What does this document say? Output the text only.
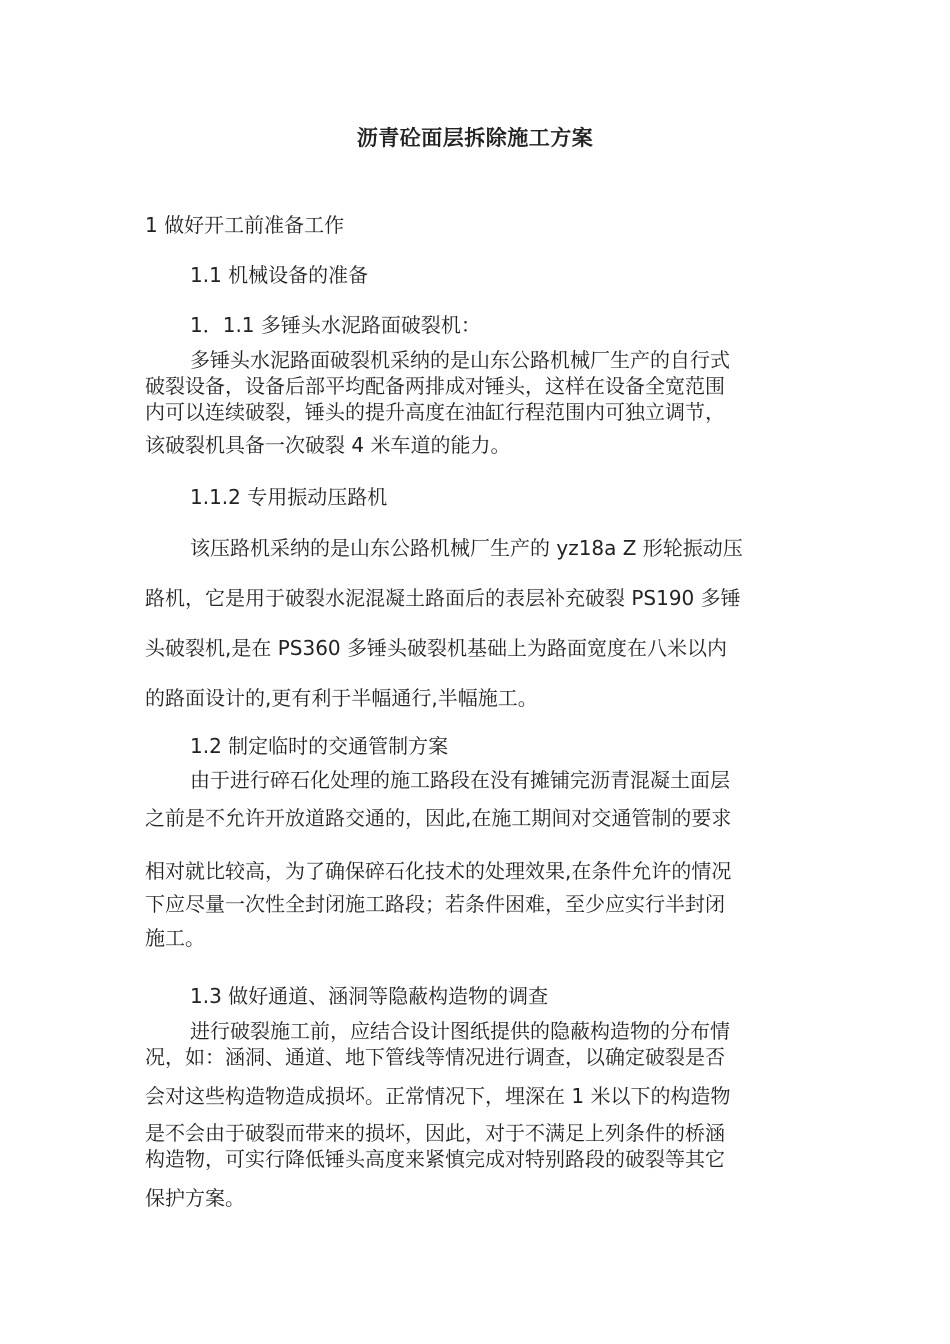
沥青砼面层拆除施工方案
1 做好开工前准备工作
1.1 机械设备的准备
1．1.1 多锤头水泥路面破裂机：
多锤头水泥路面破裂机采纳的是山东公路机械厂生产的自行式
破裂设备，设备后部平均配备两排成对锤头，这样在设备全宽范围
内可以连续破裂，锤头的提升高度在油缸行程范围内可独立调节，
该破裂机具备一次破裂 4 米车道的能力。
1.1.2 专用振动压路机
该压路机采纳的是山东公路机械厂生产的 yz18a Z 形轮振动压
路机，它是用于破裂水泥混凝土路面后的表层补充破裂 PS190 多锤
头破裂机,是在 PS360 多锤头破裂机基础上为路面宽度在八米以内
的路面设计的,更有利于半幅通行,半幅施工。
1.2 制定临时的交通管制方案
由于进行碎石化处理的施工路段在没有摊铺完沥青混凝土面层
之前是不允许开放道路交通的，因此,在施工期间对交通管制的要求
相对就比较高，为了确保碎石化技术的处理效果,在条件允许的情况
下应尽量一次性全封闭施工路段；若条件困难，至少应实行半封闭
施工。
1.3 做好通道、涵洞等隐蔽构造物的调查
进行破裂施工前，应结合设计图纸提供的隐蔽构造物的分布情
况，如：涵洞、通道、地下管线等情况进行调查，以确定破裂是否
会对这些构造物造成损坏。正常情况下，埋深在 1 米以下的构造物
是不会由于破裂而带来的损坏，因此，对于不满足上列条件的桥涵
构造物，可实行降低锤头高度来紧慎完成对特别路段的破裂等其它
保护方案。
